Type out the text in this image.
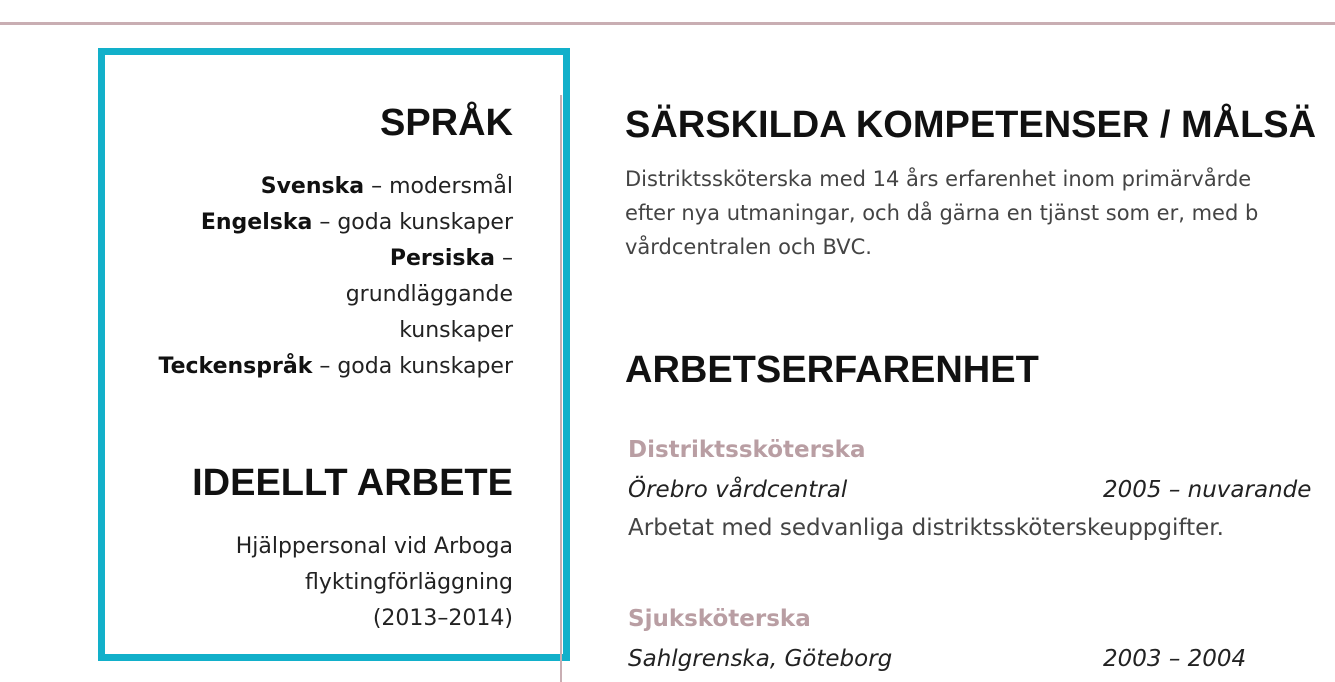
SPRÅK
Svenska – modersmål
Engelska – goda kunskaper
Persiska – grundläggande kunskaper
Teckenspråk – goda kunskaper
IDEELLT ARBETE
Hjälppersonal vid Arboga
flyktingförläggning
(2013–2014)
SÄRSKILDA KOMPETENSER / MÅLSÄ
Distriktssköterska med 14 års erfarenhet inom primärvårde
efter nya utmaningar, och då gärna en tjänst som er, med b
vårdcentralen och BVC.
ARBETSERFARENHET
Distriktssköterska
Örebro vårdcentral	2005 – nuvarande
Arbetat med sedvanliga distriktssköterskeuppgifter.
Sjuksköterska
Sahlgrenska, Göteborg	2003 – 2004
